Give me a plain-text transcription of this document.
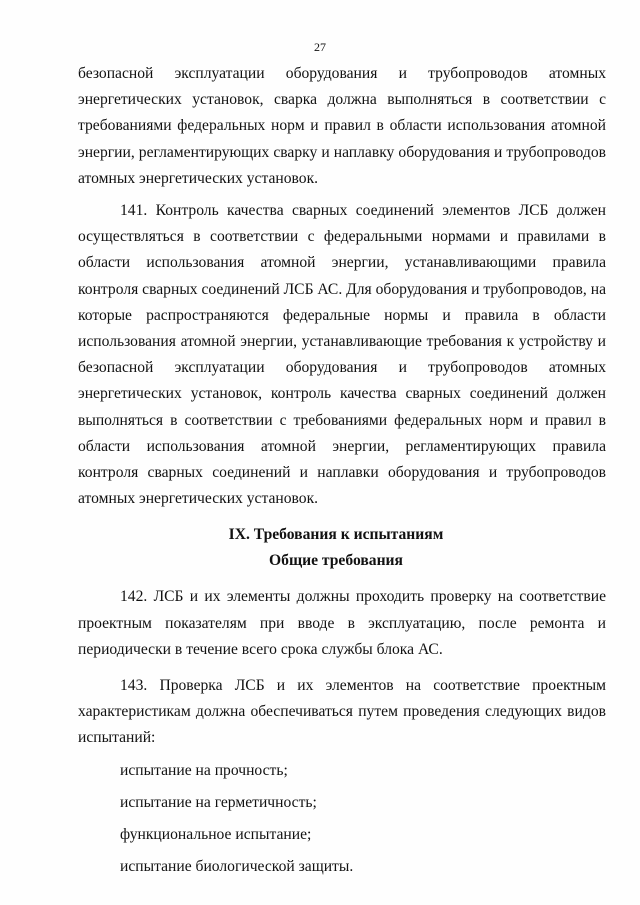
27

безопасной эксплуатации оборудования и трубопроводов атомных энергетических установок, сварка должна выполняться в соответствии с требованиями федеральных норм и правил в области использования атомной энергии, регламентирующих сварку и наплавку оборудования и трубопроводов атомных энергетических установок.

141. Контроль качества сварных соединений элементов ЛСБ должен осуществляться в соответствии с федеральными нормами и правилами в области использования атомной энергии, устанавливающими правила контроля сварных соединений ЛСБ АС. Для оборудования и трубопроводов, на которые распространяются федеральные нормы и правила в области использования атомной энергии, устанавливающие требования к устройству и безопасной эксплуатации оборудования и трубопроводов атомных энергетических установок, контроль качества сварных соединений должен выполняться в соответствии с требованиями федеральных норм и правил в области использования атомной энергии, регламентирующих правила контроля сварных соединений и наплавки оборудования и трубопроводов атомных энергетических установок.

IX. Требования к испытаниям

Общие требования

142. ЛСБ и их элементы должны проходить проверку на соответствие проектным показателям при вводе в эксплуатацию, после ремонта и периодически в течение всего срока службы блока АС.

143. Проверка ЛСБ и их элементов на соответствие проектным характеристикам должна обеспечиваться путем проведения следующих видов испытаний:

испытание на прочность;

испытание на герметичность;

функциональное испытание;

испытание биологической защиты.
